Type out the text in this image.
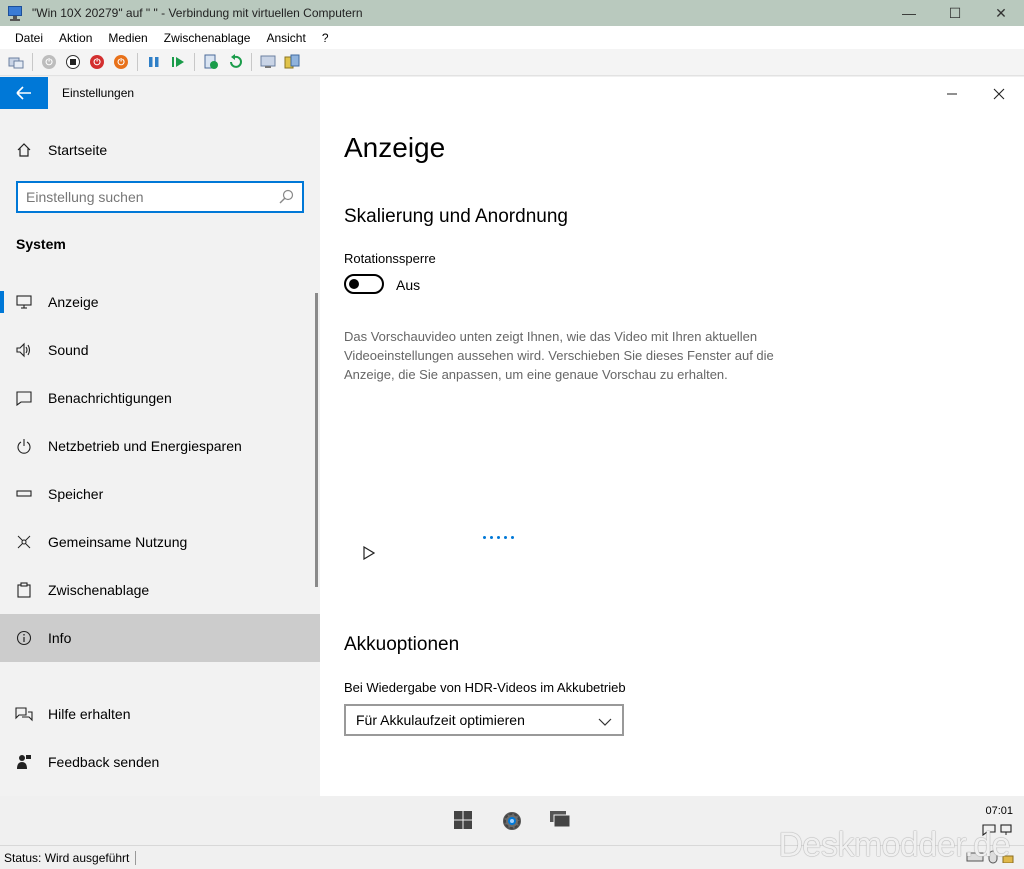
"Win 10X 20279" auf " " - Verbindung mit virtuellen Computern	— ☐ ✕
Datei	Aktion	Medien	Zwischenablage	Ansicht	?
⏻	⏻	⏻
Einstellungen
Startseite
Einstellung suchen
System
Anzeige
Sound
Benachrichtigungen
Netzbetrieb und Energiesparen
Speicher
Gemeinsame Nutzung
Zwischenablage
Info
Hilfe erhalten
Feedback senden
Anzeige
Skalierung und Anordnung
Rotationssperre
Aus

Das Vorschauvideo unten zeigt Ihnen, wie das Video mit Ihren aktuellen Videoeinstellungen aussehen wird. Verschieben Sie dieses Fenster auf die Anzeige, die Sie anpassen, um eine genaue Vorschau zu erhalten.

Akkuoptionen
Bei Wiedergabe von HDR-Videos im Akkubetrieb
Für Akkulaufzeit optimieren
07:01
Status: Wird ausgeführt	Deskmodder.de
